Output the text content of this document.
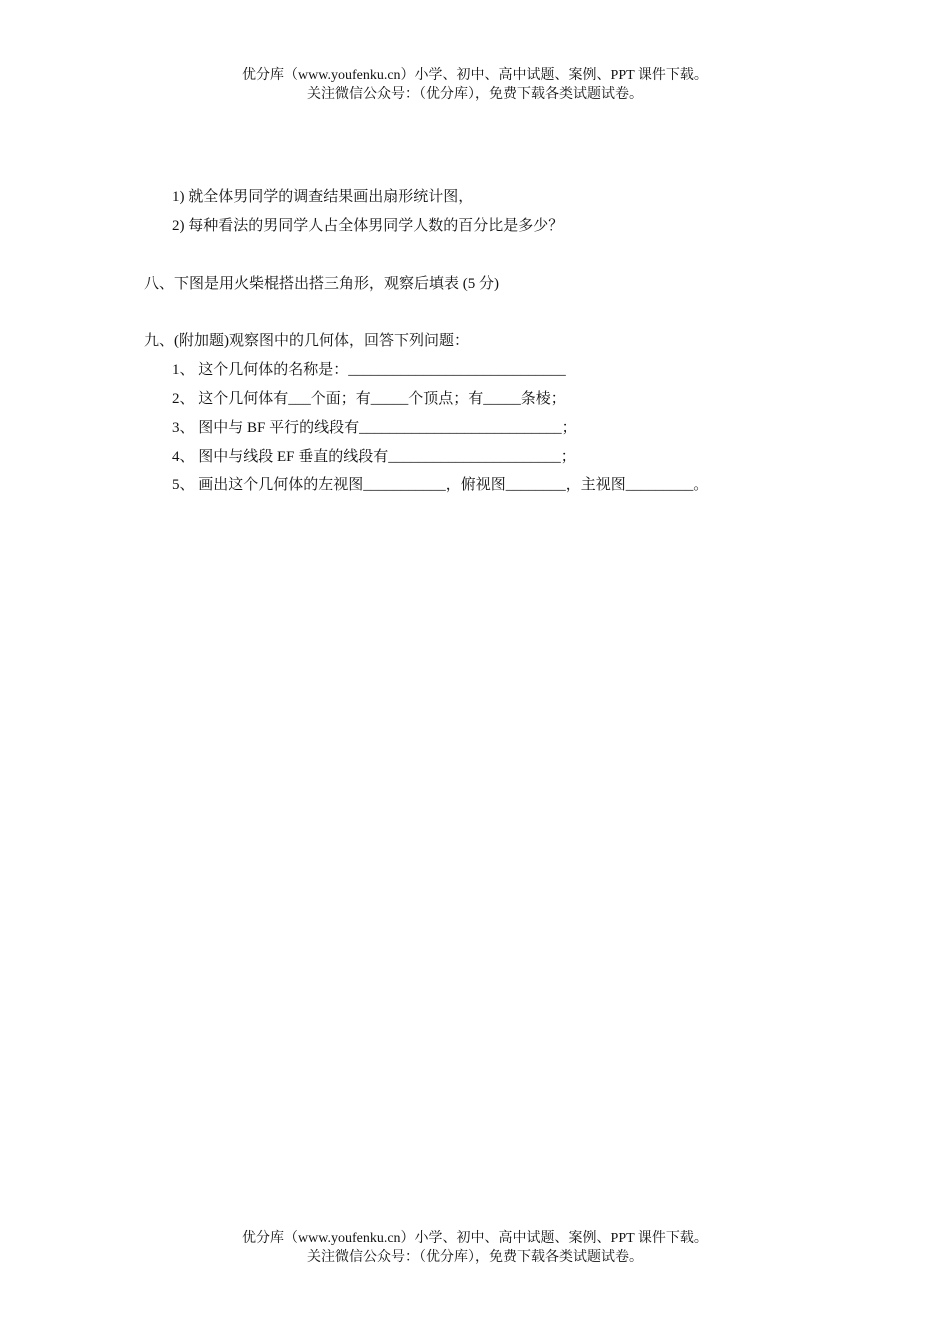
优分库（www.youfenku.cn）小学、初中、高中试题、案例、PPT 课件下载。
关注微信公众号：（优分库），免费下载各类试题试卷。
1) 就全体男同学的调查结果画出扇形统计图，
2) 每种看法的男同学人占全体男同学人数的百分比是多少？
八、下图是用火柴棍搭出搭三角形，观察后填表 (5 分)
九、(附加题)观察图中的几何体，回答下列问题：
1、 这个几何体的名称是：_____________________________
2、 这个几何体有___个面；有_____个顶点；有_____条棱；
3、 图中与 BF 平行的线段有___________________________；
4、 图中与线段 EF 垂直的线段有_______________________；
5、 画出这个几何体的左视图___________，俯视图________，主视图_________。
优分库（www.youfenku.cn）小学、初中、高中试题、案例、PPT 课件下载。
关注微信公众号：（优分库），免费下载各类试题试卷。
